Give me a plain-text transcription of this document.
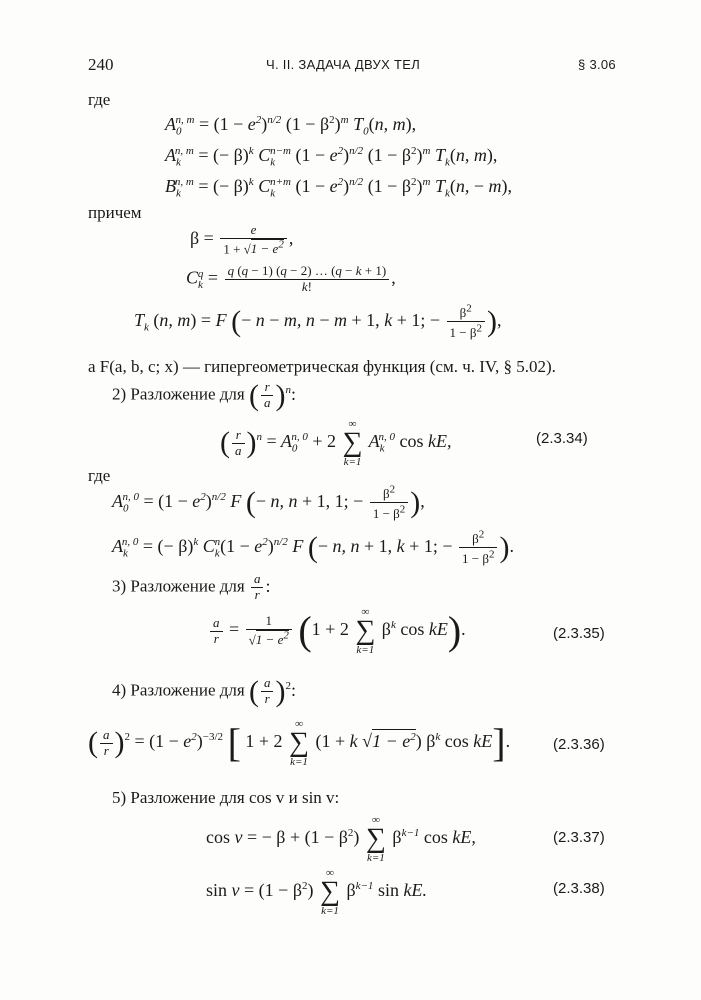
240	Ч. II. ЗАДАЧА ДВУХ ТЕЛ	§ 3.06
где
$A_0^{n, m} = (1 - e^2)^{n/2}$ $(1 - \beta^2)^m$ $T_0(n$, m),
$A_k^{n, m}$ = (− β)$^k$ $C_k^{n-m}$ $(1 - e^2)^{n/2}$ $(1 - \beta^2)^m$ $T_k(n$, m),
$B_k^{n, m}$ = (− β)$^k$ $C_k^{n+m}$ $(1 - e^2)^{n/2}$ $(1 - \beta^2)^m$ $T_k(n$, − m),
причем
$\beta = \frac{e}{1 + √1 - e^2}$ ,
$C_k^q = \frac{q (q - 1) (q - 2) \dots (q - k + 1)}{k!}$ ,
$T_k$ (n, m) = F (− n − m, n − m + 1, k + 1; − $\frac{\beta^2}{1 - \beta^2}$ ),
а F(a, b, c; x) — гипергеометрическая функция (см. ч. IV, § 5.02).
2) Разложение для ( $\frac{r}{a} )^n$:
( $\frac{r}{a} )^n = A_0^{n, 0} + 2$
∞
∑
k=1
$A_k^{n, 0}$ cos kE,	(2.3.34)
где
$A_0^{n, 0} = (1 - e^2)^{n/2}$ F (− n, n + 1, 1; − $\frac{\beta^2}{1 - \beta^2}$ ),
$A_k^{n, 0}$ = (− β)$^k$ $C_k^n(1 - e^2)^{n/2}$ F (− n, n + 1, k + 1; − $\frac{\beta^2}{1 - \beta^2}$ ).
3) Разложение для $\frac{a}{r}$ :
$\frac{a}{r} = \frac{1}{√1 - e^2} (1 + 2$
∞
∑
k=1
$\beta^k$ cos kE).	(2.3.35)
4) Разложение для ( $\frac{a}{r} )^2$:
( $\frac{a}{r} )^2 = (1 - e^2)^{-3/2}$ [ 1 + 2
∞
∑
k=1
(1 + k $√1 - e^2$) $\beta^k$ cos kE].	(2.3.36)
5) Разложение для cos v и sin v:
cos v = − $\beta + (1 - \beta^2)$
∞
∑
k=1
$\beta^{k-1}$ cos kE,	(2.3.37)
$\sin v = (1 - \beta^2)$
∞
∑
k=1
$\beta^{k-1}$ sin kE.	(2.3.38)
